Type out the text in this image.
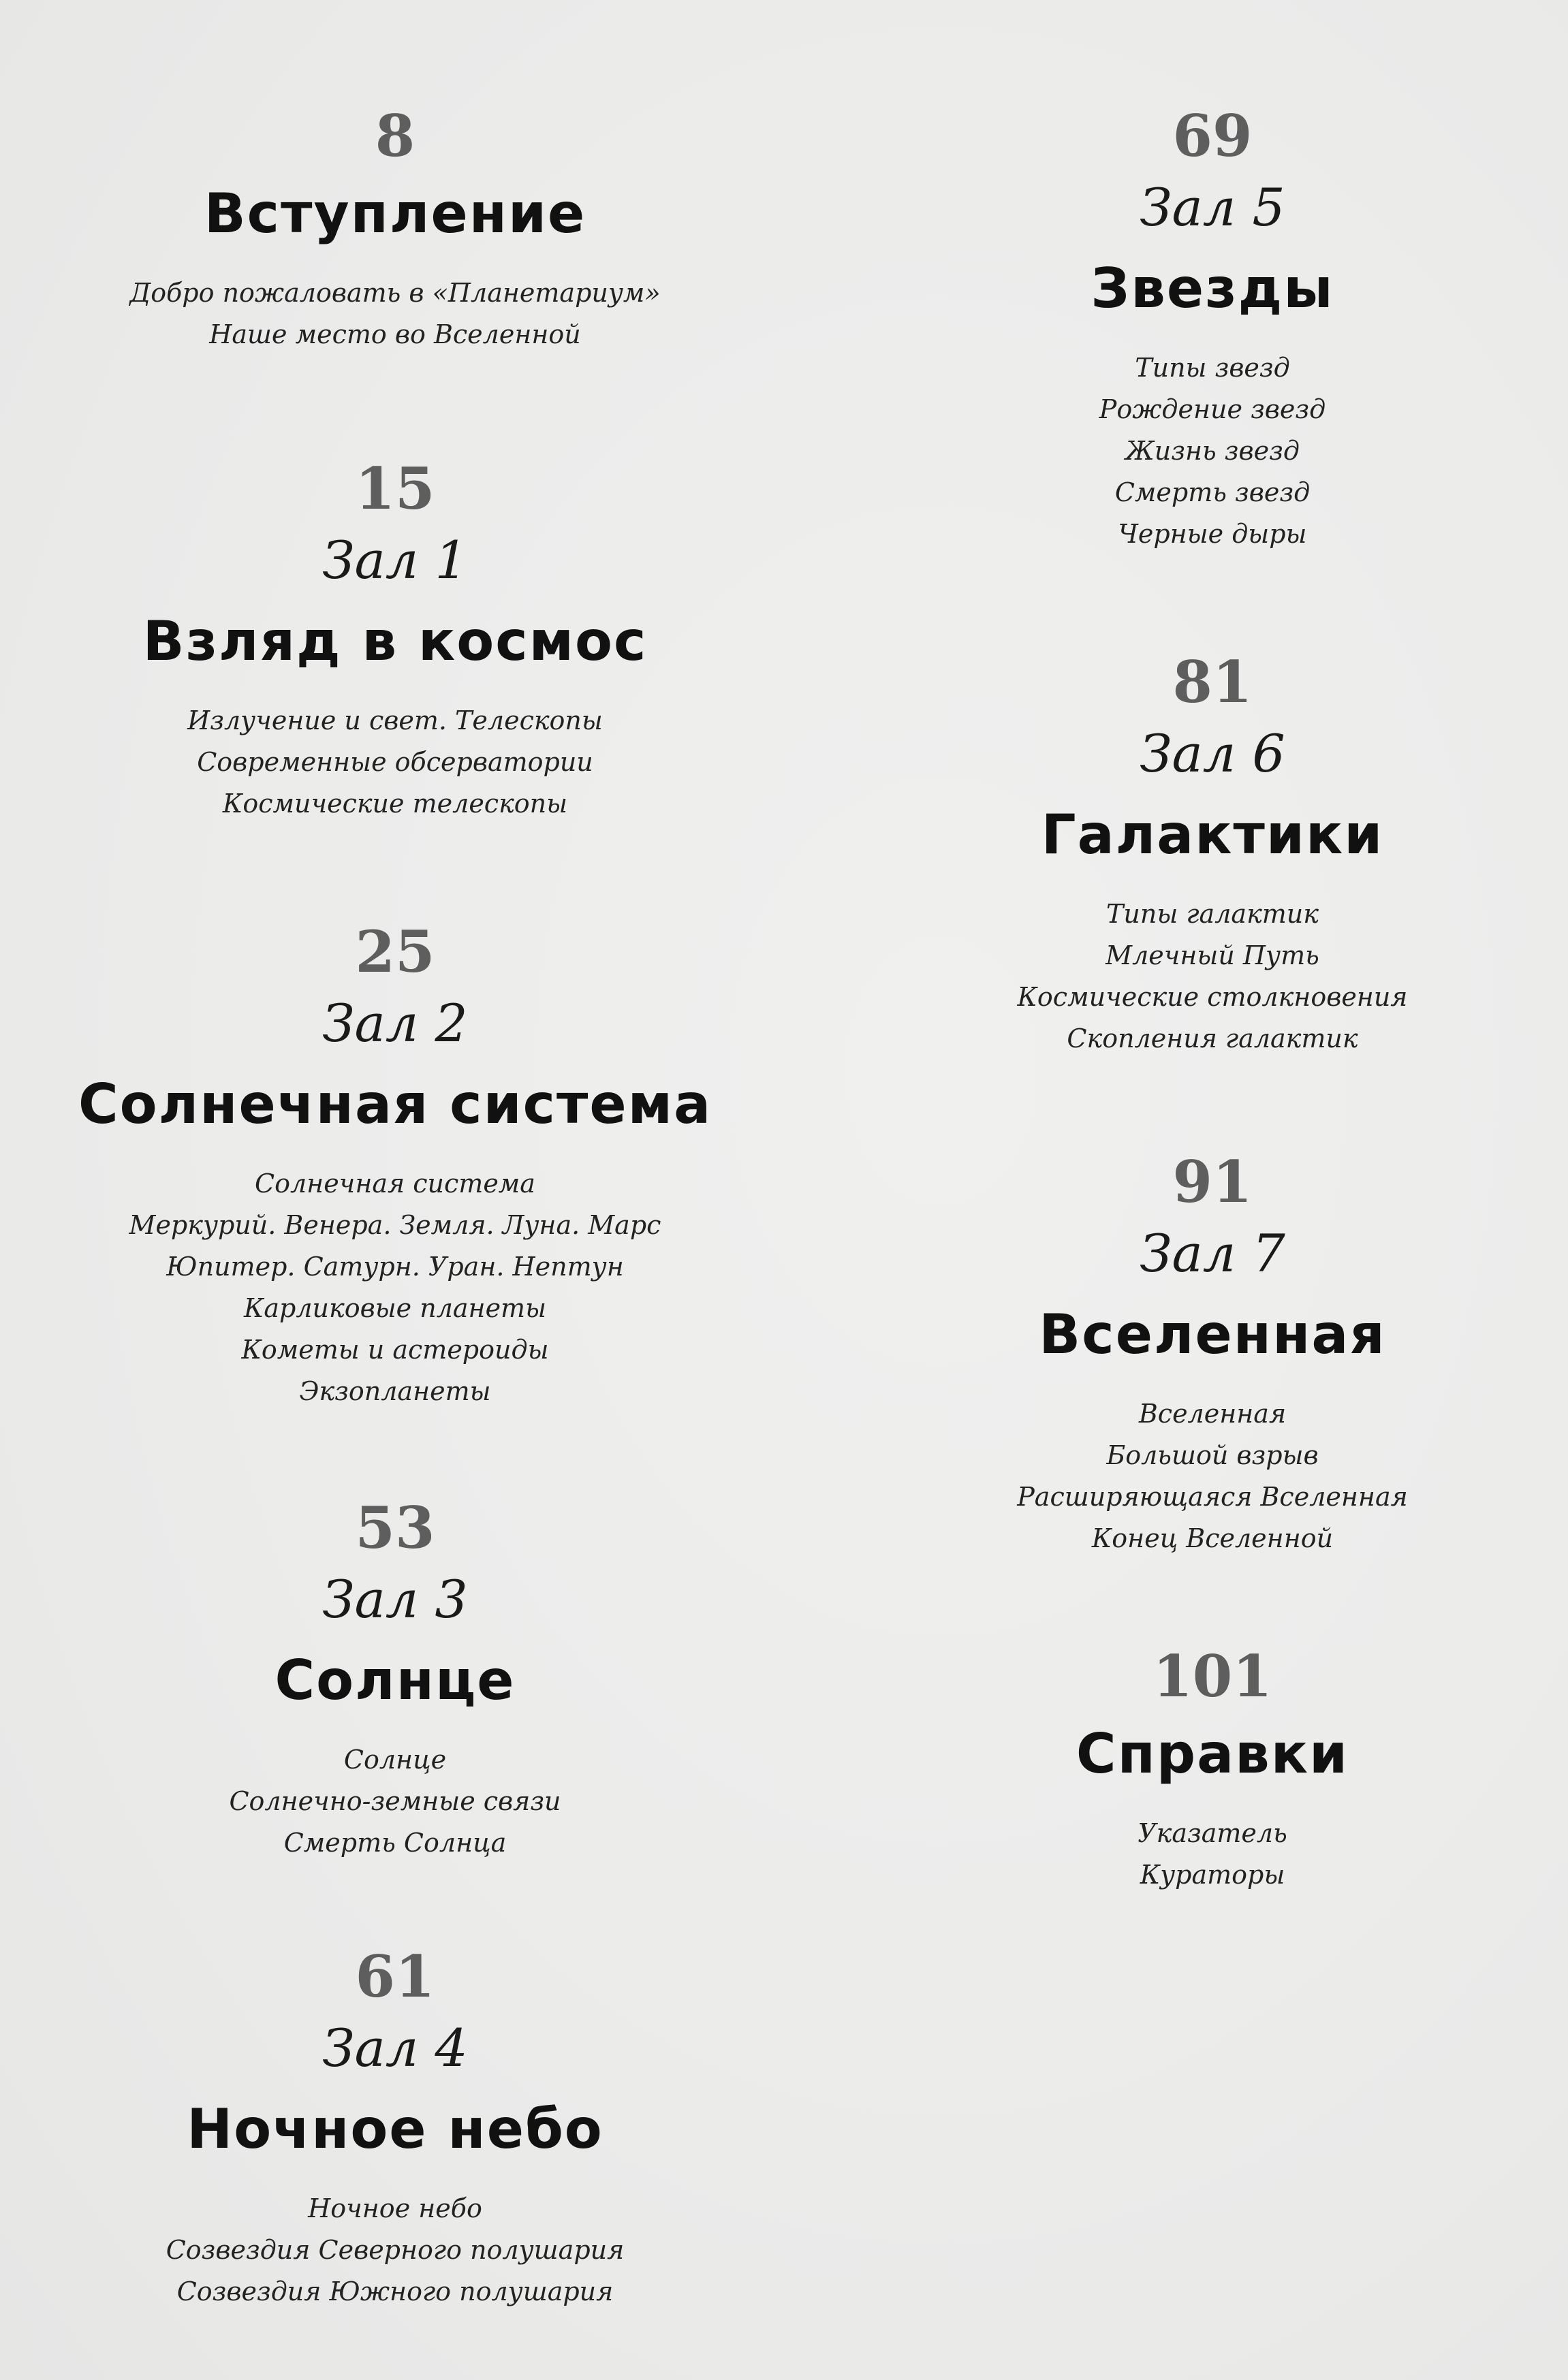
8
Вступление
Добро пожаловать в «Планетариум»
Наше место во Вселенной
15
Зал 1
Взляд в космос
Излучение и свет. Телескопы
Современные обсерватории
Космические телескопы
25
Зал 2
Солнечная система
Солнечная система
Меркурий. Венера. Земля. Луна. Марс
Юпитер. Сатурн. Уран. Нептун
Карликовые планеты
Кометы и астероиды
Экзопланеты
53
Зал 3
Солнце
Солнце
Солнечно-земные связи
Смерть Солнца
61
Зал 4
Ночное небо
Ночное небо
Созвездия Северного полушария
Созвездия Южного полушария
69
Зал 5
Звезды
Типы звезд
Рождение звезд
Жизнь звезд
Смерть звезд
Черные дыры
81
Зал 6
Галактики
Типы галактик
Млечный Путь
Космические столкновения
Скопления галактик
91
Зал 7
Вселенная
Вселенная
Большой взрыв
Расширяющаяся Вселенная
Конец Вселенной
101
Справки
Указатель
Кураторы
